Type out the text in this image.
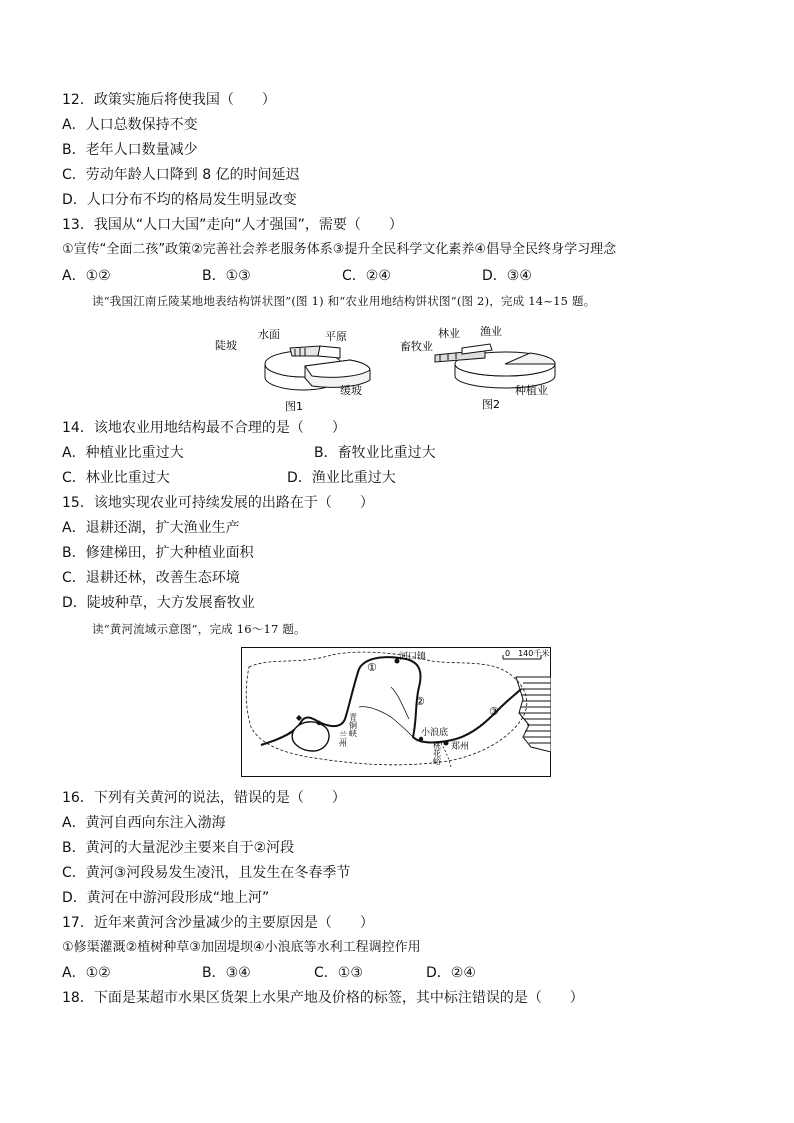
12．政策实施后将使我国（　　）
A．人口总数保持不变
B．老年人口数量减少
C．劳动年龄人口降到 8 亿的时间延迟
D．人口分布不均的格局发生明显改变
13．我国从“人口大国”走向“人才强国”，需要（　　）
①宣传“全面二孩”政策②完善社会养老服务体系③提升全民科学文化素养④倡导全民终身学习理念
A．①②	B．①③	C．②④	D．③④
读“我国江南丘陵某地地表结构饼状图”(图 1) 和“农业用地结构饼状图”(图 2)，完成 14~15 题。
陡坡
水面	平原
缓坡
图1
林业 渔业
畜牧业
种植业
图2
14．该地农业用地结构最不合理的是（　　）
A．种植业比重过大	B．畜牧业比重过大
C．林业比重过大	D．渔业比重过大
15．该地实现农业可持续发展的出路在于（　　）
A．退耕还湖，扩大渔业生产
B．修建梯田，扩大种植业面积
C．退耕还林，改善生态环境
D．陡坡种草，大方发展畜牧业
读“黄河流域示意图”，完成 16～17 题。
①
②
③
河口镇	0　140千米
青铜峡
兰州	小浪底
郑州
桃花峪
16．下列有关黄河的说法，错误的是（　　）
A．黄河自西向东注入渤海
B．黄河的大量泥沙主要来自于②河段
C．黄河③河段易发生凌汛，且发生在冬春季节
D．黄河在中游河段形成“地上河”
17．近年来黄河含沙量减少的主要原因是（　　）
①修渠灌溉②植树种草③加固堤坝④小浪底等水利工程调控作用
A．①②	B．③④	C．①③	D．②④
18．下面是某超市水果区货架上水果产地及价格的标签，其中标注错误的是（　　）
